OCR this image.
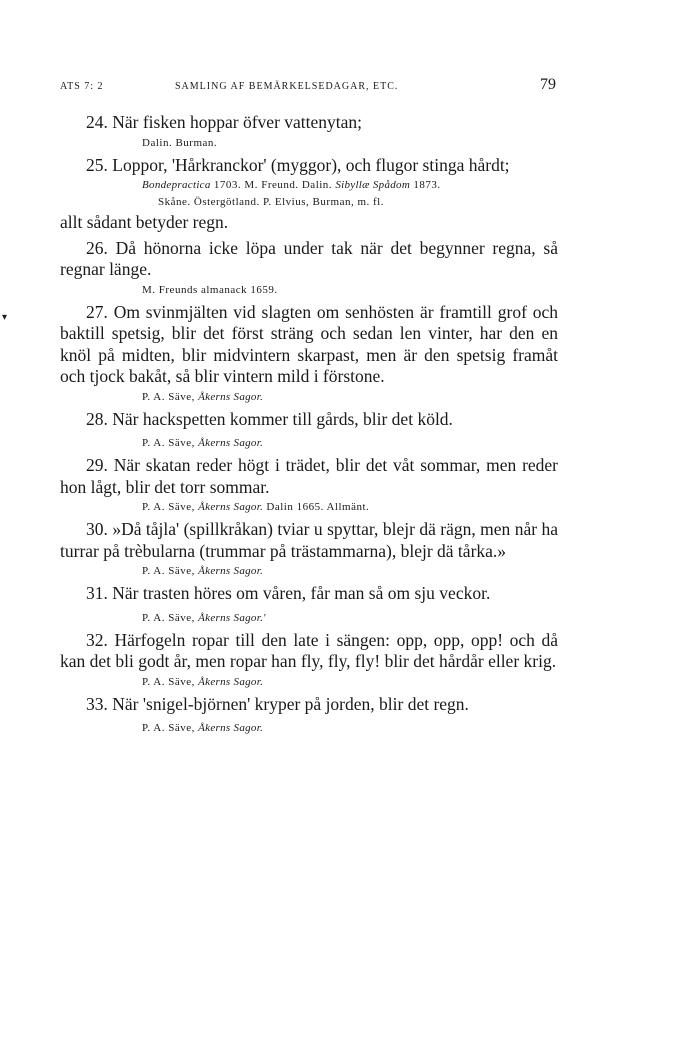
ATS 7: 2	SAMLING AF BEMÄRKELSEDAGAR, ETC.	79
▾

24. När fisken hoppar öfver vattenytan;

Dalin. Burman.

25. Loppor, 'Hårkranckor' (myggor), och flugor stinga hårdt;

Bondepractica 1703. M. Freund. Dalin. Sibyllæ Spådom 1873.
Skåne. Östergötland. P. Elvius, Burman, m. fl.

allt sådant betyder regn.

26. Då hönorna icke löpa under tak när det begynner regna, så regnar länge.

M. Freunds almanack 1659.

27. Om svinmjälten vid slagten om senhösten är framtill grof och baktill spetsig, blir det först sträng och sedan len vinter, har den en knöl på midten, blir midvintern skarpast, men är den spetsig framåt och tjock bakåt, så blir vintern mild i förstone.

P. A. Säve, Åkerns Sagor.

28. När hackspetten kommer till gårds, blir det köld.

P. A. Säve, Åkerns Sagor.

29. När skatan reder högt i trädet, blir det våt sommar, men reder hon lågt, blir det torr sommar.

P. A. Säve, Åkerns Sagor. Dalin 1665. Allmänt.

30. »Då tåjla' (spillkråkan) tviar u spyttar, blejr dä rägn, men når ha turrar på trèbularna (trummar på trästammarna), blejr dä tårka.»

P. A. Säve, Åkerns Sagor.

31. När trasten höres om våren, får man så om sju veckor.

P. A. Säve, Åkerns Sagor.'

32. Härfogeln ropar till den late i sängen: opp, opp, opp! och då kan det bli godt år, men ropar han fly, fly, fly! blir det hårdår eller krig.

P. A. Säve, Åkerns Sagor.

33. När 'snigel-björnen' kryper på jorden, blir det regn.

P. A. Säve, Åkerns Sagor.
